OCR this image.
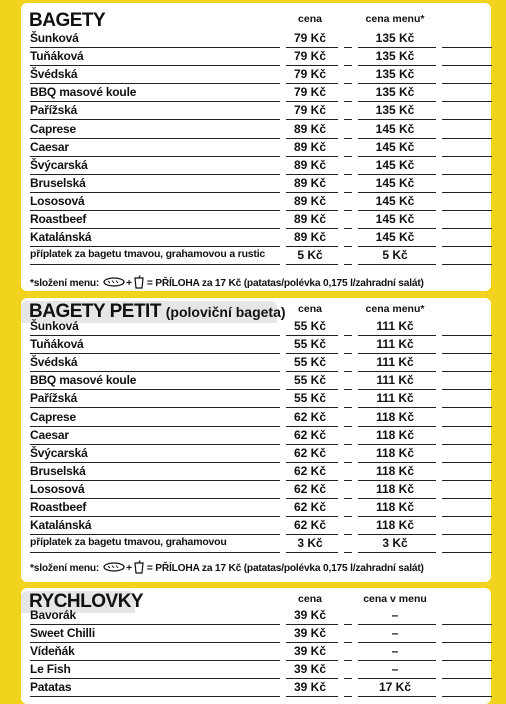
BAGETY	cena	cena menu*
Šunková	79 Kč	135 Kč
Tuňáková	79 Kč	135 Kč
Švédská	79 Kč	135 Kč
BBQ masové koule	79 Kč	135 Kč
Pařížská	79 Kč	135 Kč
Caprese	89 Kč	145 Kč
Caesar	89 Kč	145 Kč
Švýcarská	89 Kč	145 Kč
Bruselská	89 Kč	145 Kč
Lososová	89 Kč	145 Kč
Roastbeef	89 Kč	145 Kč
Katalánská	89 Kč	145 Kč
příplatek za bagetu tmavou, grahamovou a rustic	5 Kč	5 Kč
*složení menu:	+ = PŘÍLOHA za 17 Kč (patatas/polévka 0,175 l/zahradní salát)
BAGETY PETIT (poloviční bageta)	cena	cena menu*
Šunková	55 Kč	111 Kč
Tuňáková	55 Kč	111 Kč
Švédská	55 Kč	111 Kč
BBQ masové koule	55 Kč	111 Kč
Pařížská	55 Kč	111 Kč
Caprese	62 Kč	118 Kč
Caesar	62 Kč	118 Kč
Švýcarská	62 Kč	118 Kč
Bruselská	62 Kč	118 Kč
Lososová	62 Kč	118 Kč
Roastbeef	62 Kč	118 Kč
Katalánská	62 Kč	118 Kč
příplatek za bagetu tmavou, grahamovou	3 Kč	3 Kč
*složení menu:	+ = PŘÍLOHA za 17 Kč (patatas/polévka 0,175 l/zahradní salát)
RYCHLOVKY	cena	cena v menu
Bavorák	39 Kč	–
Sweet Chilli	39 Kč	–
Vídeňák	39 Kč	–
Le Fish	39 Kč	–
Patatas	39 Kč	17 Kč
